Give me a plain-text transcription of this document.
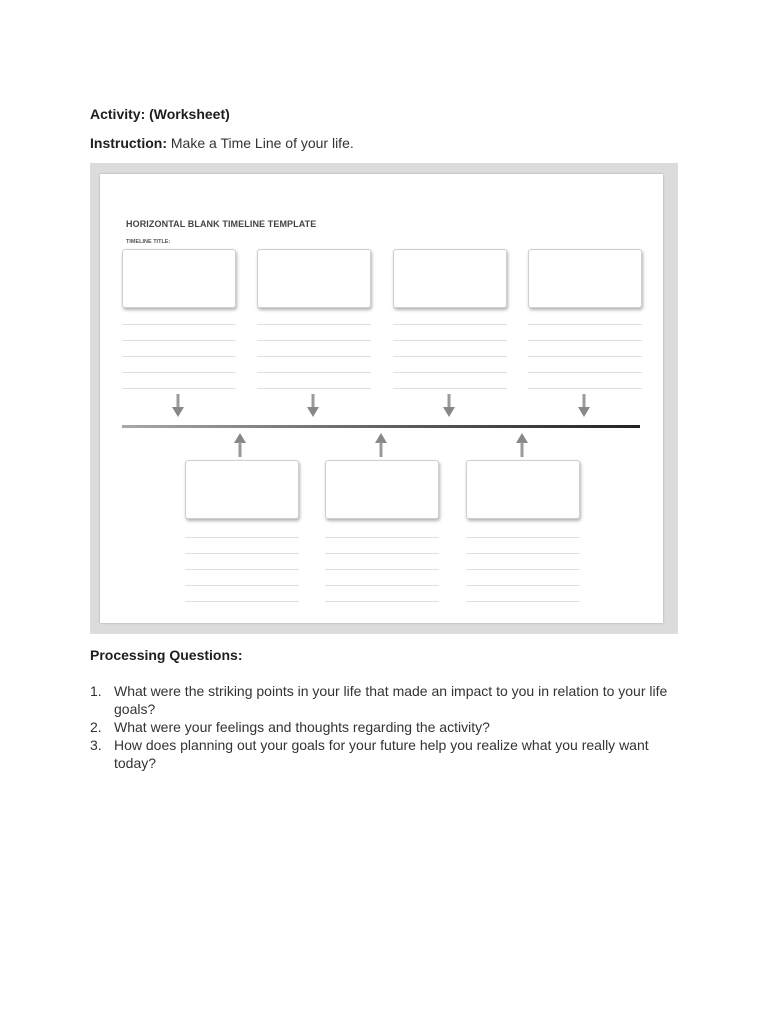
Activity: (Worksheet)
Instruction: Make a Time Line of your life.
HORIZONTAL BLANK TIMELINE TEMPLATE
TIMELINE TITLE:
Processing Questions:
1. What were the striking points in your life that made an impact to you in relation to your life goals?
2. What were your feelings and thoughts regarding the activity?
3. How does planning out your goals for your future help you realize what you really want today?
